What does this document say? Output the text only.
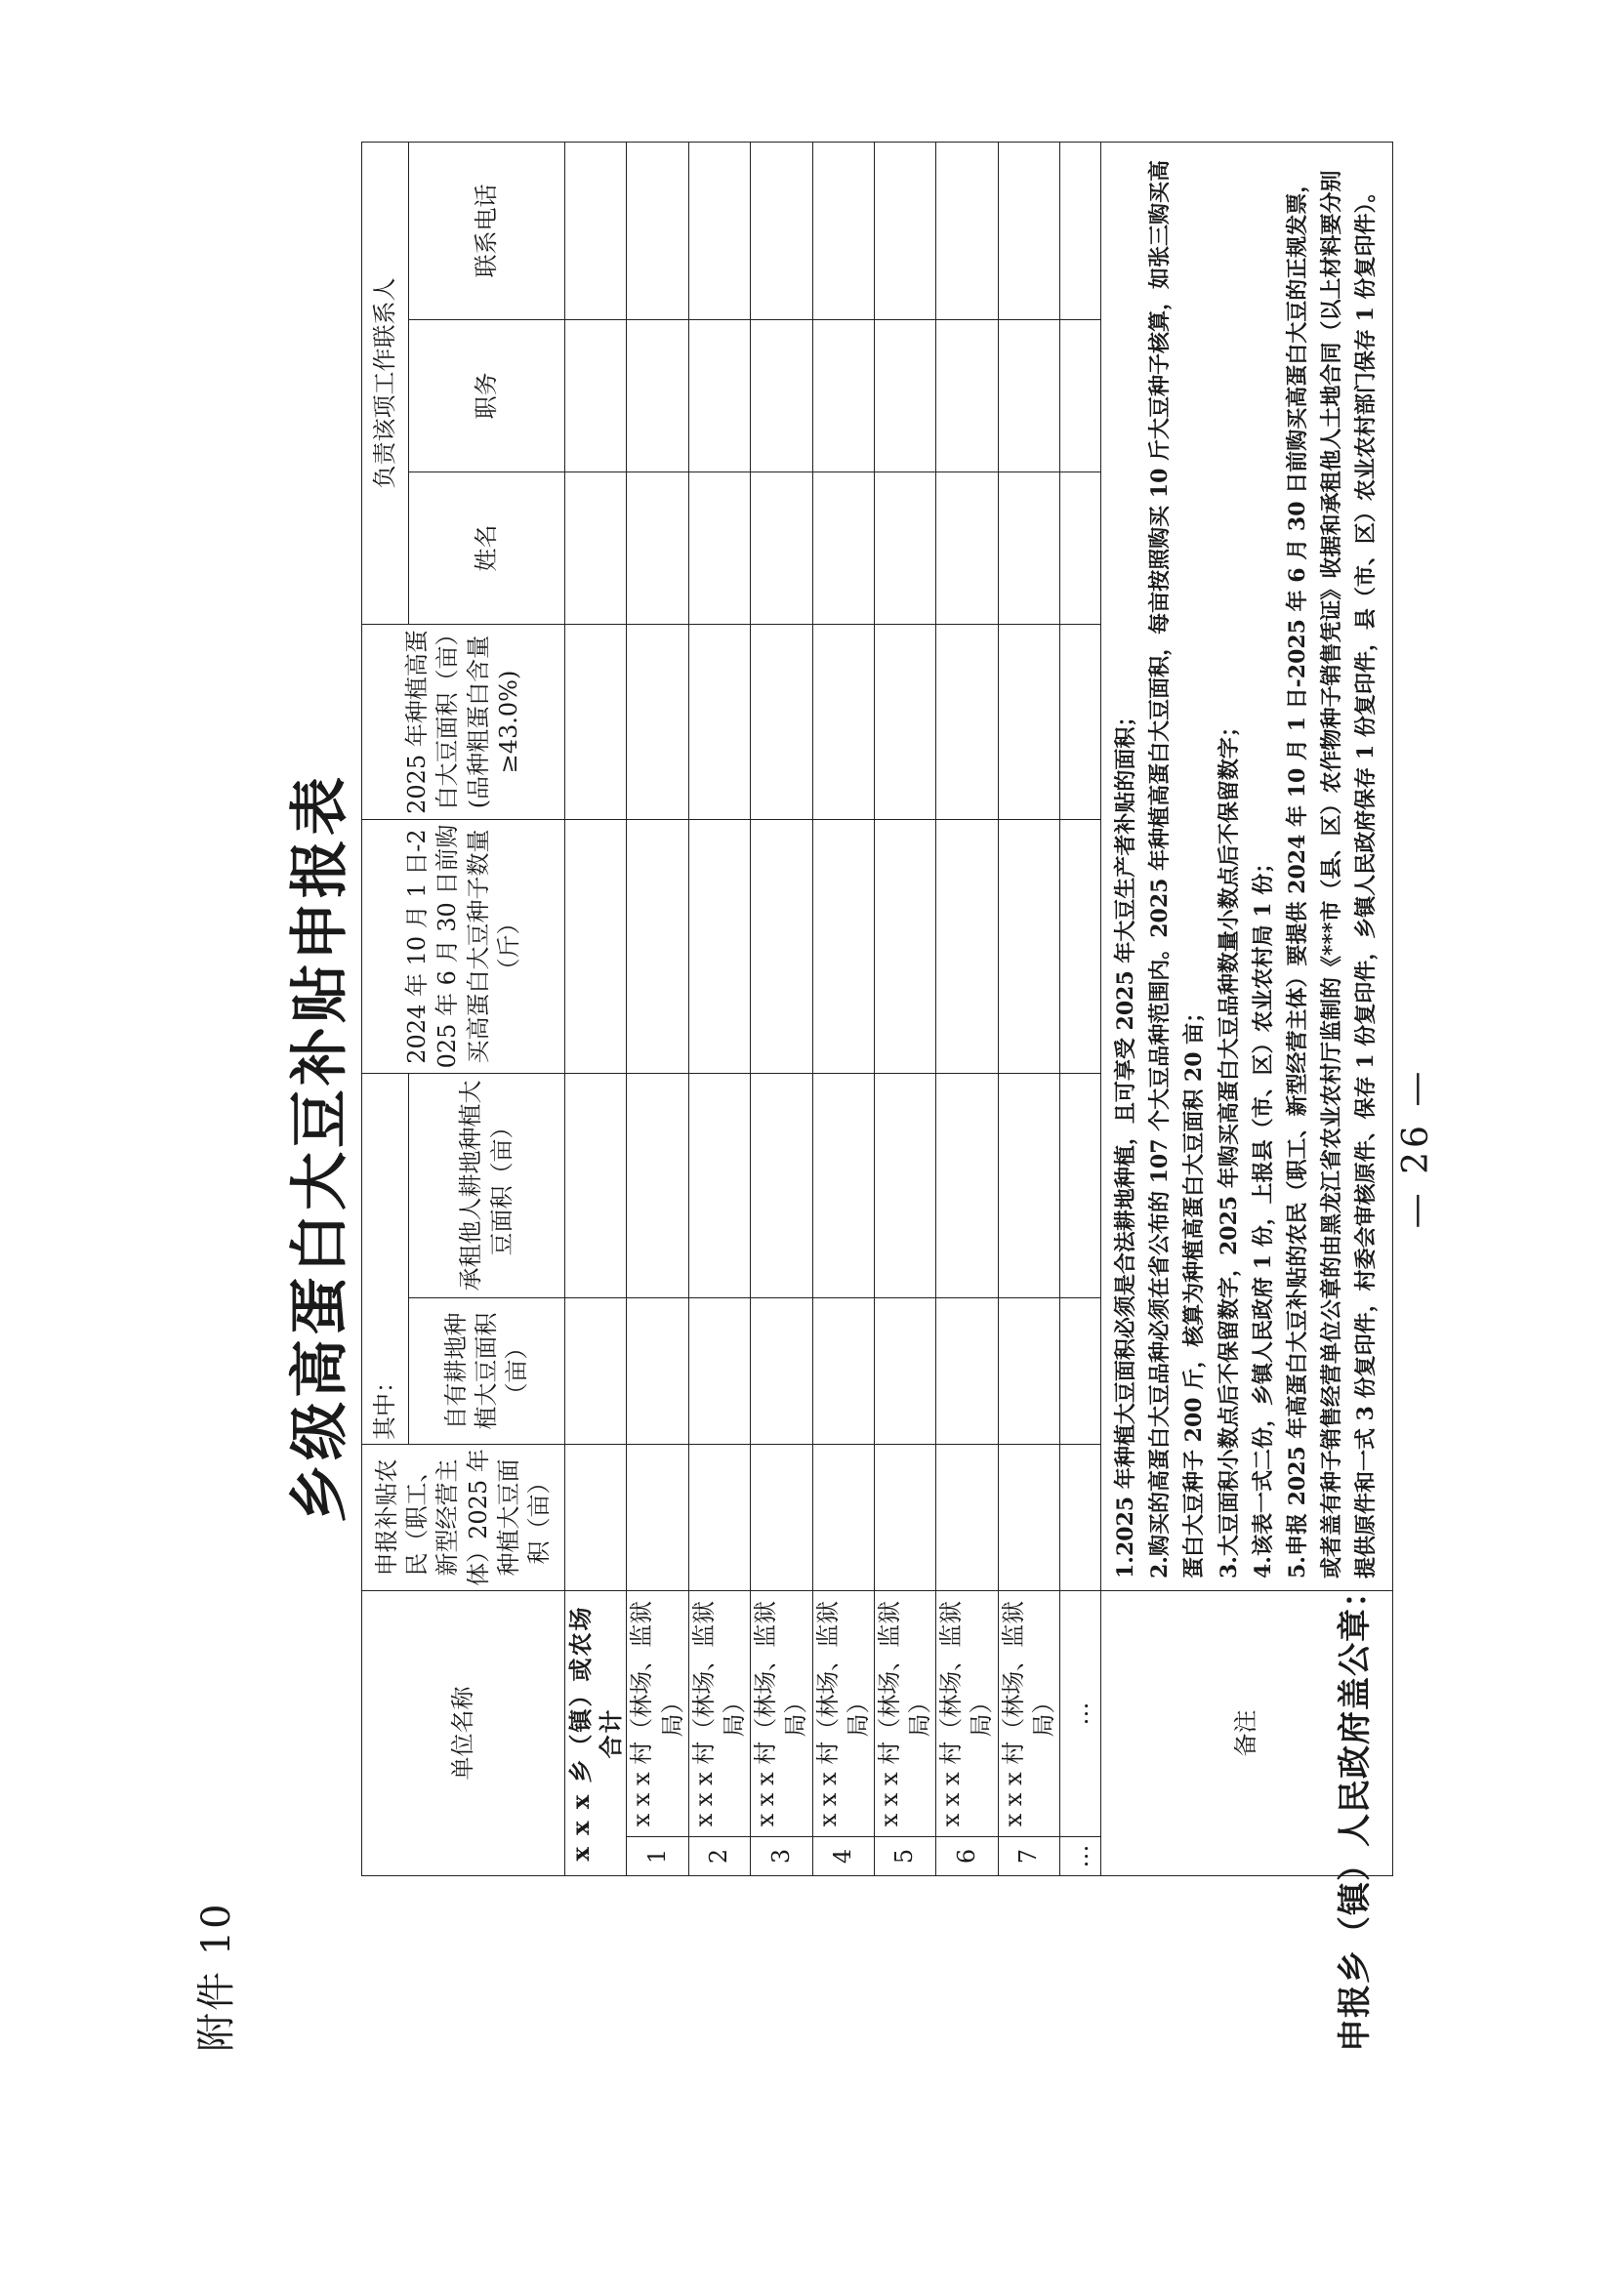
附件 10
乡级高蛋白大豆补贴申报表
单位名称		申报补贴农民（职工、新型经营主体）2025 年种植大豆面积（亩）	其中：		2024 年 10 月 1 日-2025 年 6 月 30 日前购买高蛋白大豆种子数量（斤）	2025 年种植高蛋白大豆面积（亩）(品种粗蛋白含量≥43.0%)	负责该项工作联系人		
			自有耕地种植大豆面积（亩）	承租他人耕地种植大豆面积（亩）			姓名	职务	联系电话
x x x 乡（镇）或农场合计									
1	x x x 村（林场、监狱局）								
2	x x x 村（林场、监狱局）								
3	x x x 村（林场、监狱局）								
4	x x x 村（林场、监狱局）								
5	x x x 村（林场、监狱局）								
6	x x x 村（林场、监狱局）								
7	x x x 村（林场、监狱局）								
…	…								
备注		1.2025 年种植大豆面积必须是合法耕地种植，且可享受 2025 年大豆生产者补贴的面积； 2.购买的高蛋白大豆品种必须在省公布的 107 个大豆品种范围内。2025 年种植高蛋白大豆面积，每亩按照购买 10 斤大豆种子核算，如张三购买高蛋白大豆种子 200 斤，核算为种植高蛋白大豆面积 20 亩； 3.大豆面积小数点后不保留数字，2025 年购买高蛋白大豆品种数量小数点后不保留数字； 4.该表一式二份，乡镇人民政府 1 份，上报县（市、区）农业农村局 1 份； 5.申报 2025 年高蛋白大豆补贴的农民（职工、新型经营主体）要提供 2024 年 10 月 1 日-2025 年 6 月 30 日前购买高蛋白大豆的正规发票，或者盖有种子销售经营单位公章的由黑龙江省农业农村厅监制的《***市（县、区）农作物种子销售凭证》收据和承租他人土地合同（以上材料要分别提供原件和一式 3 份复印件，村委会审核原件、保存 1 份复印件，乡镇人民政府保存 1 份复印件，县（市、区）农业农村部门保存 1 份复印件）。							
申报乡（镇）人民政府盖公章：
— 26 —
